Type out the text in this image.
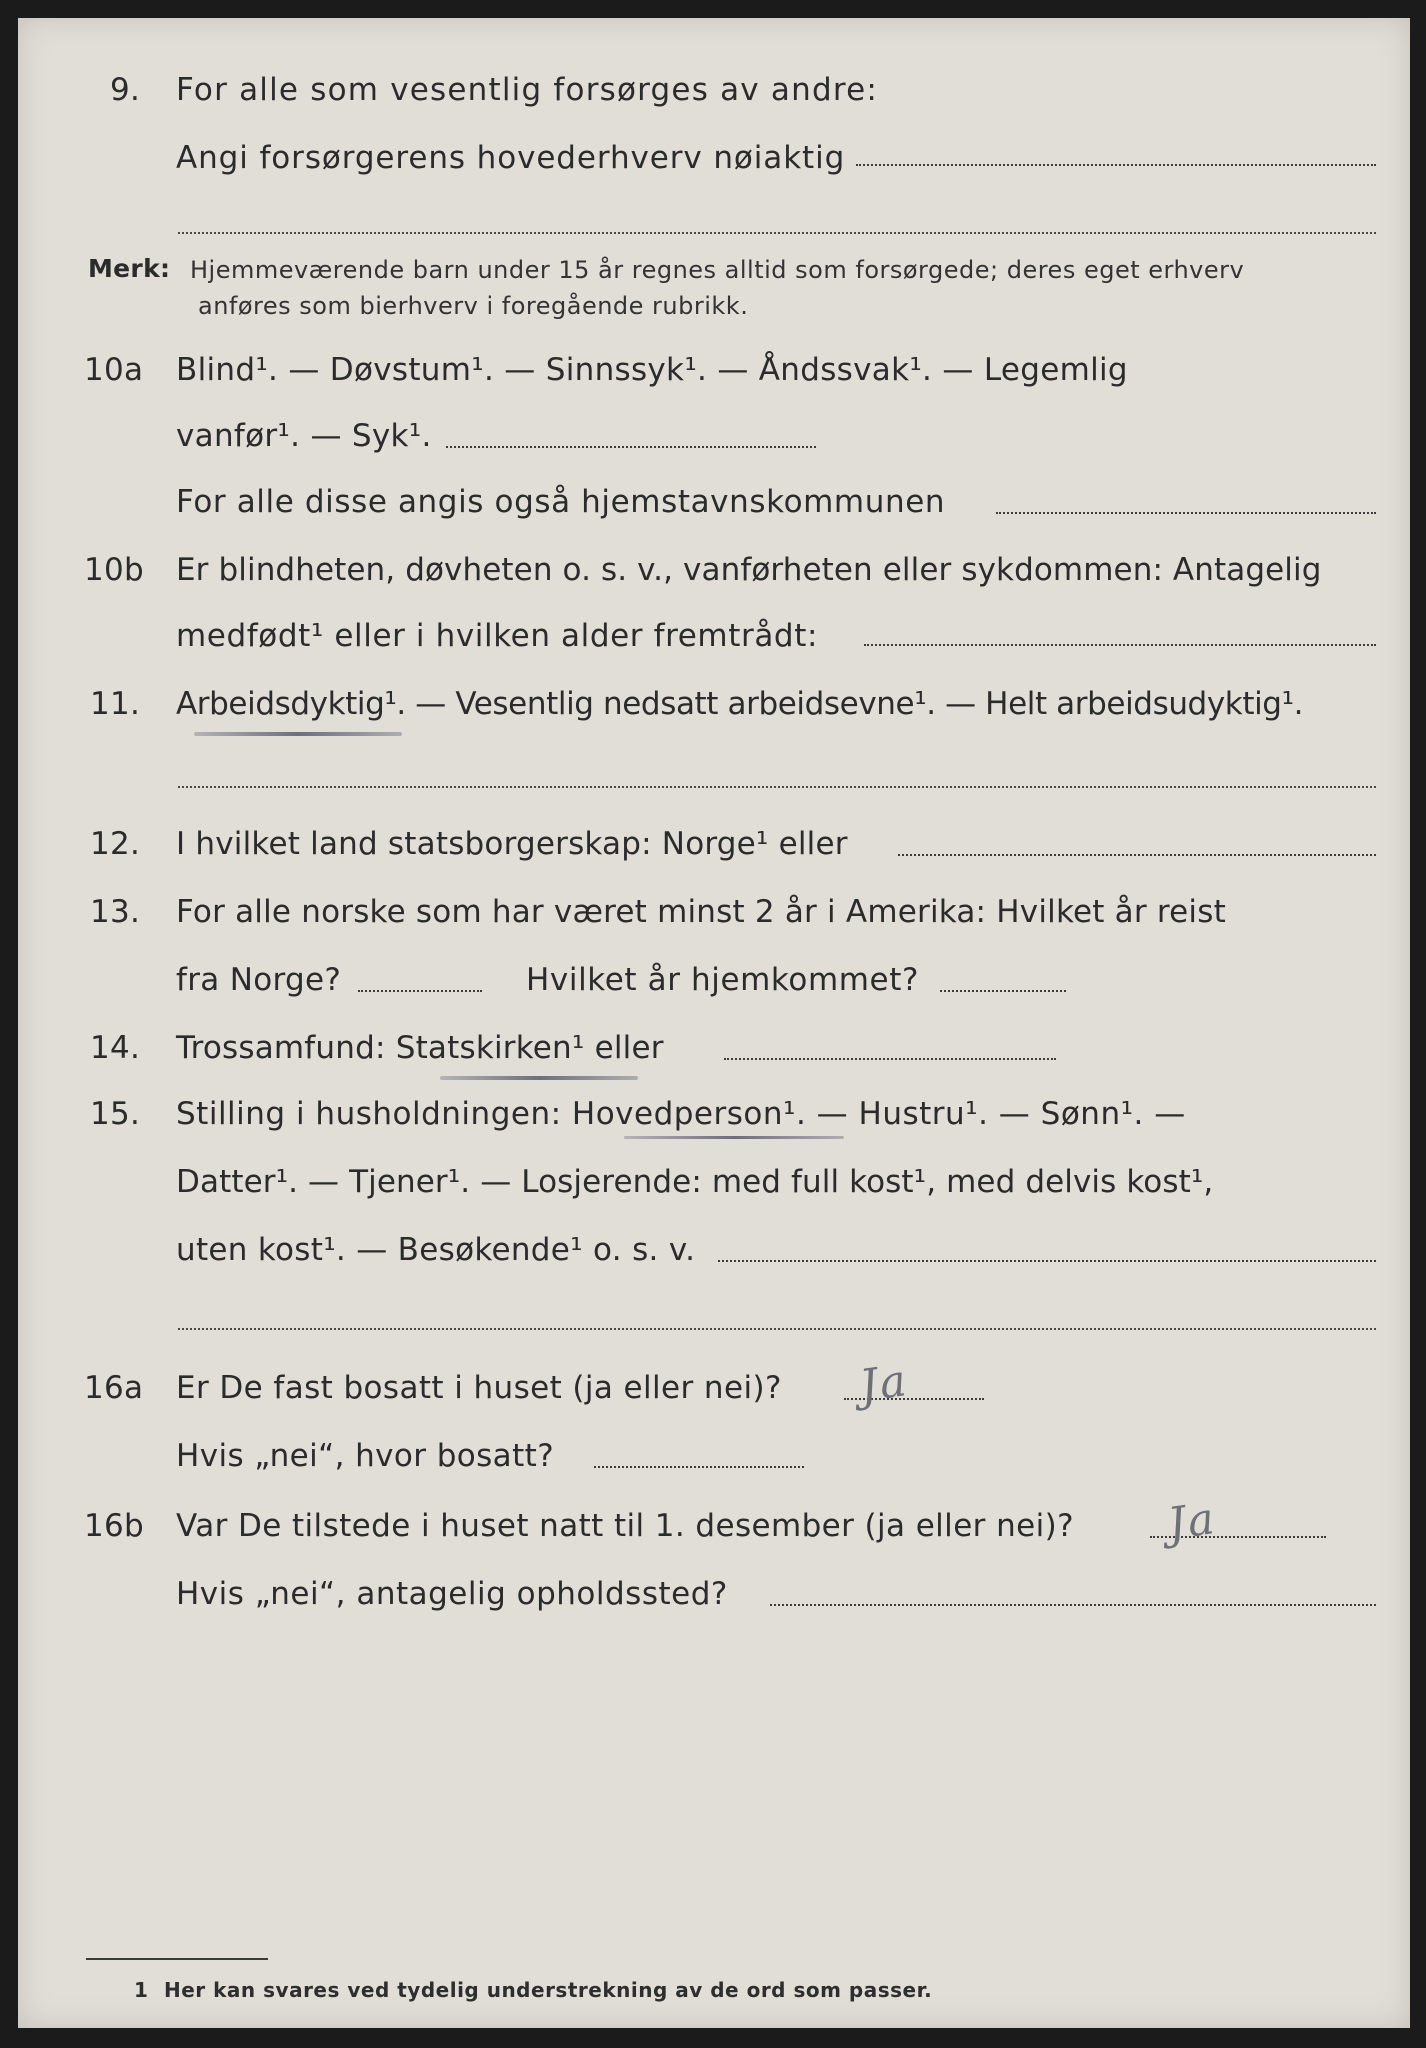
9. For alle som vesentlig forsørges av andre:
Angi forsørgerens hovederhverv nøiaktig
Merk: Hjemmeværende barn under 15 år regnes alltid som forsørgede; deres eget erhverv
anføres som bierhverv i foregående rubrikk.
10a Blind¹. — Døvstum¹. — Sinnssyk¹. — Åndssvak¹. — Legemlig
vanfør¹. — Syk¹.
For alle disse angis også hjemstavnskommunen
10b Er blindheten, døvheten o. s. v., vanførheten eller sykdommen: Antagelig
medfødt¹ eller i hvilken alder fremtrådt:
11. Arbeidsdyktig¹. — Vesentlig nedsatt arbeidsevne¹. — Helt arbeidsudyktig¹.
12. I hvilket land statsborgerskap: Norge¹ eller
13. For alle norske som har været minst 2 år i Amerika: Hvilket år reist
fra Norge?	Hvilket år hjemkommet?
14. Trossamfund: Statskirken¹ eller
15. Stilling i husholdningen: Hovedperson¹. — Hustru¹. — Sønn¹. —
Datter¹. — Tjener¹. — Losjerende: med full kost¹, med delvis kost¹,
uten kost¹. — Besøkende¹ o. s. v.
16a Er De fast bosatt i huset (ja eller nei)? Ja
Hvis „nei“, hvor bosatt?
16b Var De tilstede i huset natt til 1. desember (ja eller nei)? Ja
Hvis „nei“, antagelig opholdssted?
1 Her kan svares ved tydelig understrekning av de ord som passer.
